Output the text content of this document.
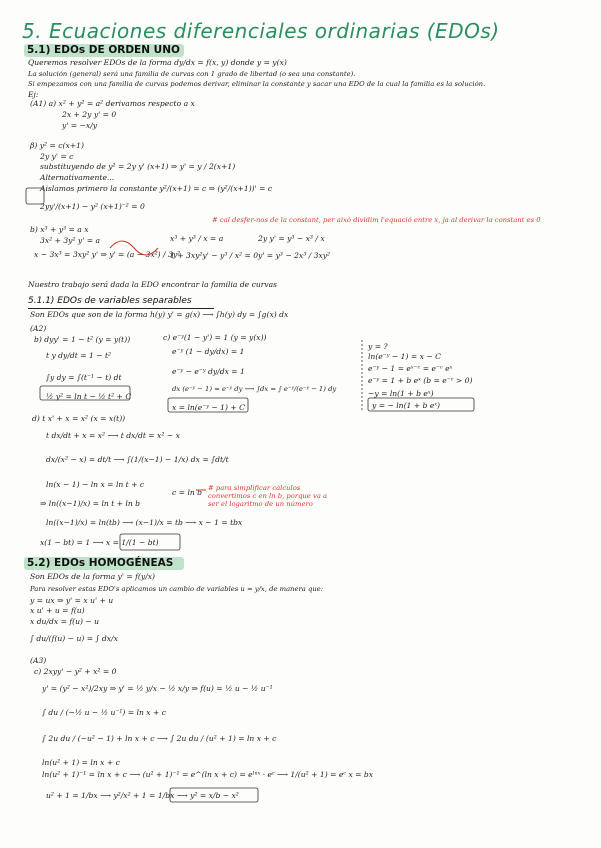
5. Ecuaciones diferenciales ordinarias (EDOs)
5.1) EDOs DE ORDEN UNO
Queremos resolver EDOs de la forma dy/dx = f(x, y) donde y = y(x)
La solución (general) será una familia de curvas con 1 grado de libertad (o sea una constante).
Si empezamos con una familia de curvas podemos derivar, eliminar la constante y sacar una EDO de la cual la familia es la solución.
Ej:
(A1) a) x² + y² = a² derivamos respecto a x
2x + 2y y' = 0
y' = −x/y
β) y² = c(x+1)
2y y' = c
substituyendo de y² = 2y y' (x+1) ⇒ y' = y / 2(x+1)
Alternativamente...
Aislamos primero la constante y²/(x+1) = c ⇒ (y²/(x+1))' = c
2yy'/(x+1) − y² (x+1)⁻² = 0
# cal desfer-nos de la constant, per això dividim l'equació entre x, ja al derivar la constant es 0
b) x³ + y³ = a x
3x² + 3y² y' = a
x − 3x³ = 3xy² y' ⇒ y' = (a − 3x²) / 3y²
x³ + y³ / x = a
1 + 3xy²y' − y³ / x² = 0
2y y' = y³ − x³ / x
y' = y³ − 2x³ / 3xy²
Nuestro trabajo será dada la EDO encontrar la familia de curvas
5.1.1) EDOs de variables separables
Son EDOs que son de la forma h(y) y' = g(x) ⟶ ∫h(y) dy = ∫g(x) dx
(A2)
b) dyy' = 1 − t² (y = y(t))
t y dy/dt = 1 − t²
∫y dy = ∫(t⁻¹ − t) dt
½ y² = ln t − ½ t² + C
c) e⁻ʸ(1 − y') = 1 (y = y(x))
e⁻ʸ (1 − dy/dx) = 1
e⁻ʸ − e⁻ʸ dy/dx = 1
dx (e⁻ʸ − 1) = e⁻ʸ dy ⟶ ∫dx = ∫ e⁻ʸ/(e⁻ʸ − 1) dy
x = ln(e⁻ʸ − 1) + C
y = ?
ln(e⁻ʸ − 1) = x − C
e⁻ʸ − 1 = eˣ⁻ᶜ = e⁻ᶜ eˣ
e⁻ʸ = 1 + b eˣ (b = e⁻ᶜ > 0)
−y = ln(1 + b eˣ)
y = − ln(1 + b eˣ)
d) t x' + x = x² (x = x(t))
t dx/dt + x = x² ⟶ t dx/dt = x² − x
dx/(x² − x) = dt/t ⟶ ∫(1/(x−1) − 1/x) dx = ∫dt/t
ln(x − 1) − ln x = ln t + c
⇒ ln((x−1)/x) = ln t + ln b
ln((x−1)/x) = ln(tb) ⟶ (x−1)/x = tb ⟶ x − 1 = tbx
x(1 − bt) = 1 ⟶ x = 1/(1 − bt)
c = ln b # para simplificar cálculos convertimos c en ln b, porque va a ser el logaritmo de un número
5.2) EDOs HOMOGÉNEAS
Son EDOs de la forma y' = f(y/x)
Para resolver estas EDO's aplicamos un cambio de variables u = y/x, de manera que:
y = ux ⇒ y' = x u' + u
x u' + u = f(u)
x du/dx = f(u) − u
∫ du/(f(u) − u) = ∫ dx/x
(A3)
c) 2xyy' − y² + x² = 0
y' = (y² − x²)/2xy ⇒ y' = ½ y/x − ½ x/y ⇒ f(u) = ½ u − ½ u⁻¹
∫ du / (−½ u − ½ u⁻¹) = ln x + c
∫ 2u du / (−u² − 1) + ln x + c ⟶ ∫ 2u du / (u² + 1) = ln x + c
ln(u² + 1) = ln x + c
ln(u² + 1)⁻¹ = ln x + c ⟶ (u² + 1)⁻¹ = e^(ln x + c) = eˡⁿˣ · eᶜ ⟶ 1/(u² + 1) = eᶜ x = bx
u² + 1 = 1/bx ⟶ y²/x² + 1 = 1/bx ⟶ y² = x/b − x²
